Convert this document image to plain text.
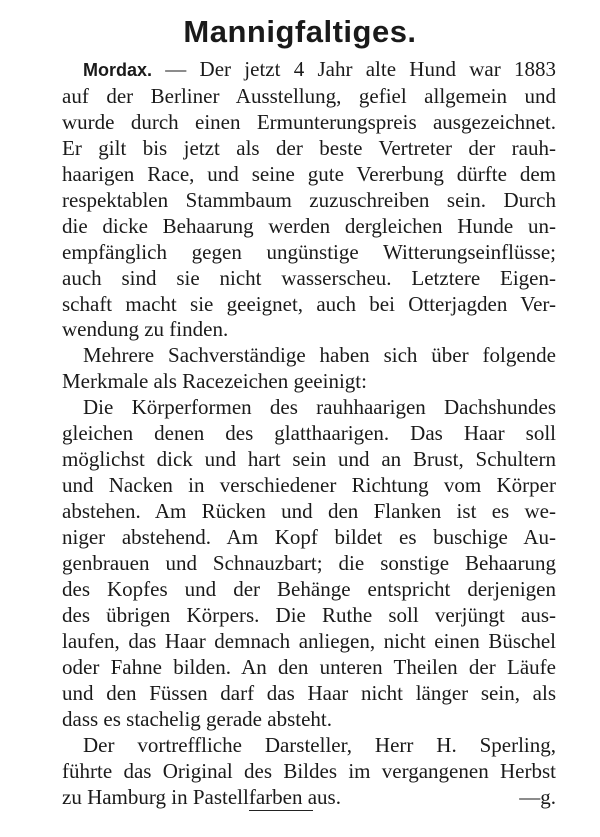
Mannigfaltiges.
Mordax. — Der jetzt 4 Jahr alte Hund war 1883
auf der Berliner Ausstellung, gefiel allgemein und
wurde durch einen Ermunterungspreis ausgezeichnet.
Er gilt bis jetzt als der beste Vertreter der rauh-
haarigen Race, und seine gute Vererbung dürfte dem
respektablen Stammbaum zuzuschreiben sein. Durch
die dicke Behaarung werden dergleichen Hunde un-
empfänglich gegen ungünstige Witterungseinflüsse;
auch sind sie nicht wasserscheu. Letztere Eigen-
schaft macht sie geeignet, auch bei Otterjagden Ver-
wendung zu finden.
Mehrere Sachverständige haben sich über folgende
Merkmale als Racezeichen geeinigt:
Die Körperformen des rauhhaarigen Dachshundes
gleichen denen des glatthaarigen. Das Haar soll
möglichst dick und hart sein und an Brust, Schultern
und Nacken in verschiedener Richtung vom Körper
abstehen. Am Rücken und den Flanken ist es we-
niger abstehend. Am Kopf bildet es buschige Au-
genbrauen und Schnauzbart; die sonstige Behaarung
des Kopfes und der Behänge entspricht derjenigen
des übrigen Körpers. Die Ruthe soll verjüngt aus-
laufen, das Haar demnach anliegen, nicht einen Büschel
oder Fahne bilden. An den unteren Theilen der Läufe
und den Füssen darf das Haar nicht länger sein, als
dass es stachelig gerade absteht.
Der vortreffliche Darsteller, Herr H. Sperling,
führte das Original des Bildes im vergangenen Herbst
zu Hamburg in Pastellfarben aus.	—g.
